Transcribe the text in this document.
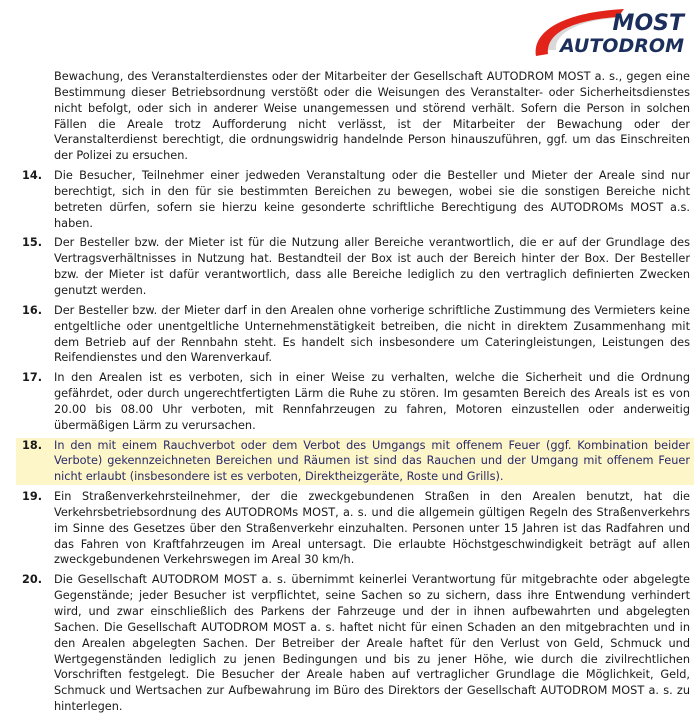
MOST
AUTODROM
Bewachung, des Veranstalterdienstes oder der Mitarbeiter der Gesellschaft AUTODROM MOST a. s., gegen eine Bestimmung dieser Betriebsordnung verstößt oder die Weisungen des Veranstalter- oder Sicherheitsdienstes nicht befolgt, oder sich in anderer Weise unangemessen und störend verhält. Sofern die Person in solchen Fällen die Areale trotz Aufforderung nicht verlässt, ist der Mitarbeiter der Bewachung oder der Veranstalterdienst berechtigt, die ordnungswidrig handelnde Person hinauszuführen, ggf. um das Einschreiten der Polizei zu ersuchen.
14. Die Besucher, Teilnehmer einer jedweden Veranstaltung oder die Besteller und Mieter der Areale sind nur berechtigt, sich in den für sie bestimmten Bereichen zu bewegen, wobei sie die sonstigen Bereiche nicht betreten dürfen, sofern sie hierzu keine gesonderte schriftliche Berechtigung des AUTODROMs MOST a.s. haben.
15. Der Besteller bzw. der Mieter ist für die Nutzung aller Bereiche verantwortlich, die er auf der Grundlage des Vertragsverhältnisses in Nutzung hat. Bestandteil der Box ist auch der Bereich hinter der Box. Der Besteller bzw. der Mieter ist dafür verantwortlich, dass alle Bereiche lediglich zu den vertraglich definierten Zwecken genutzt werden.
16. Der Besteller bzw. der Mieter darf in den Arealen ohne vorherige schriftliche Zustimmung des Vermieters keine entgeltliche oder unentgeltliche Unternehmenstätigkeit betreiben, die nicht in direktem Zusammenhang mit dem Betrieb auf der Rennbahn steht. Es handelt sich insbesondere um Cateringleistungen, Leistungen des Reifendienstes und den Warenverkauf.
17. In den Arealen ist es verboten, sich in einer Weise zu verhalten, welche die Sicherheit und die Ordnung gefährdet, oder durch ungerechtfertigten Lärm die Ruhe zu stören. Im gesamten Bereich des Areals ist es von 20.00 bis 08.00 Uhr verboten, mit Rennfahrzeugen zu fahren, Motoren einzustellen oder anderweitig übermäßigen Lärm zu verursachen.
18. In den mit einem Rauchverbot oder dem Verbot des Umgangs mit offenem Feuer (ggf. Kombination beider Verbote) gekennzeichneten Bereichen und Räumen ist sind das Rauchen und der Umgang mit offenem Feuer nicht erlaubt (insbesondere ist es verboten, Direktheizgeräte, Roste und Grills).
19. Ein Straßenverkehrsteilnehmer, der die zweckgebundenen Straßen in den Arealen benutzt, hat die Verkehrsbetriebsordnung des AUTODROMs MOST, a. s. und die allgemein gültigen Regeln des Straßenverkehrs im Sinne des Gesetzes über den Straßenverkehr einzuhalten. Personen unter 15 Jahren ist das Radfahren und das Fahren von Kraftfahrzeugen im Areal untersagt. Die erlaubte Höchstgeschwindigkeit beträgt auf allen zweckgebundenen Verkehrswegen im Areal 30 km/h.
20. Die Gesellschaft AUTODROM MOST a. s. übernimmt keinerlei Verantwortung für mitgebrachte oder abgelegte Gegenstände; jeder Besucher ist verpflichtet, seine Sachen so zu sichern, dass ihre Entwendung verhindert wird, und zwar einschließlich des Parkens der Fahrzeuge und der in ihnen aufbewahrten und abgelegten Sachen. Die Gesellschaft AUTODROM MOST a. s. haftet nicht für einen Schaden an den mitgebrachten und in den Arealen abgelegten Sachen. Der Betreiber der Areale haftet für den Verlust von Geld, Schmuck und Wertgegenständen lediglich zu jenen Bedingungen und bis zu jener Höhe, wie durch die zivilrechtlichen Vorschriften festgelegt. Die Besucher der Areale haben auf vertraglicher Grundlage die Möglichkeit, Geld, Schmuck und Wertsachen zur Aufbewahrung im Büro des Direktors der Gesellschaft AUTODROM MOST a. s. zu hinterlegen.
